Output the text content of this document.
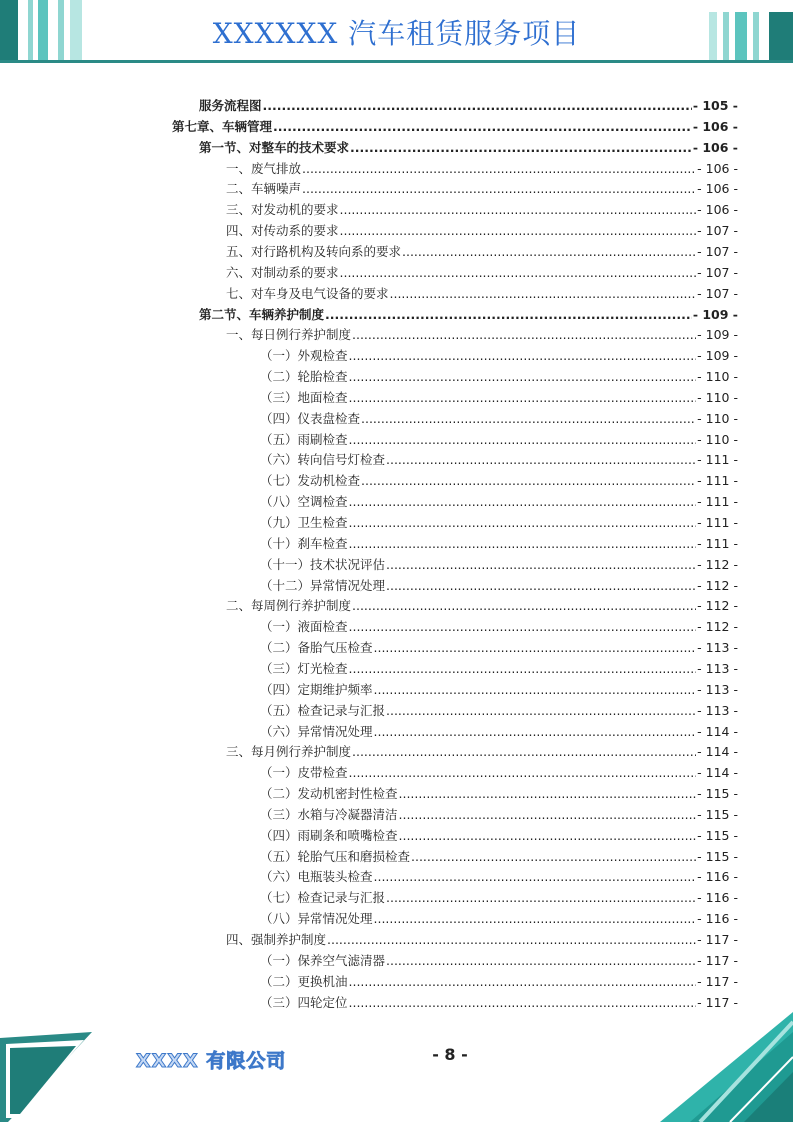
XXXXXX 汽车租赁服务项目
服务流程图 .....	- 105 -
第七章、车辆管理 .....	- 106 -
第一节、对整车的技术要求 .....	- 106 -
一、废气排放 .....	- 106 -
二、车辆噪声 .....	- 106 -
三、对发动机的要求 .....	- 106 -
四、对传动系的要求 .....	- 107 -
五、对行路机构及转向系的要求 .....	- 107 -
六、对制动系的要求 .....	- 107 -
七、对车身及电气设备的要求 .....	- 107 -
第二节、车辆养护制度 .....	- 109 -
一、每日例行养护制度 .....	- 109 -
（一）外观检查 .....	- 109 -
（二）轮胎检查 .....	- 110 -
（三）地面检查 .....	- 110 -
（四）仪表盘检查 .....	- 110 -
（五）雨刷检查 .....	- 110 -
（六）转向信号灯检查 .....	- 111 -
（七）发动机检查 .....	- 111 -
（八）空调检查 .....	- 111 -
（九）卫生检查 .....	- 111 -
（十）刹车检查 .....	- 111 -
（十一）技术状况评估 .....	- 112 -
（十二）异常情况处理 .....	- 112 -
二、每周例行养护制度 .....	- 112 -
（一）液面检查 .....	- 112 -
（二）备胎气压检查 .....	- 113 -
（三）灯光检查 .....	- 113 -
（四）定期维护频率 .....	- 113 -
（五）检查记录与汇报 .....	- 113 -
（六）异常情况处理 .....	- 114 -
三、每月例行养护制度 .....	- 114 -
（一）皮带检查 .....	- 114 -
（二）发动机密封性检查 .....	- 115 -
（三）水箱与冷凝器清洁 .....	- 115 -
（四）雨刷条和喷嘴检查 .....	- 115 -
（五）轮胎气压和磨损检查 .....	- 115 -
（六）电瓶装头检查 .....	- 116 -
（七）检查记录与汇报 .....	- 116 -
（八）异常情况处理 .....	- 116 -
四、强制养护制度 .....	- 117 -
（一）保养空气滤清器 .....	- 117 -
（二）更换机油 .....	- 117 -
（三）四轮定位 .....	- 117 -
XXXX 有限公司	- 8 -
